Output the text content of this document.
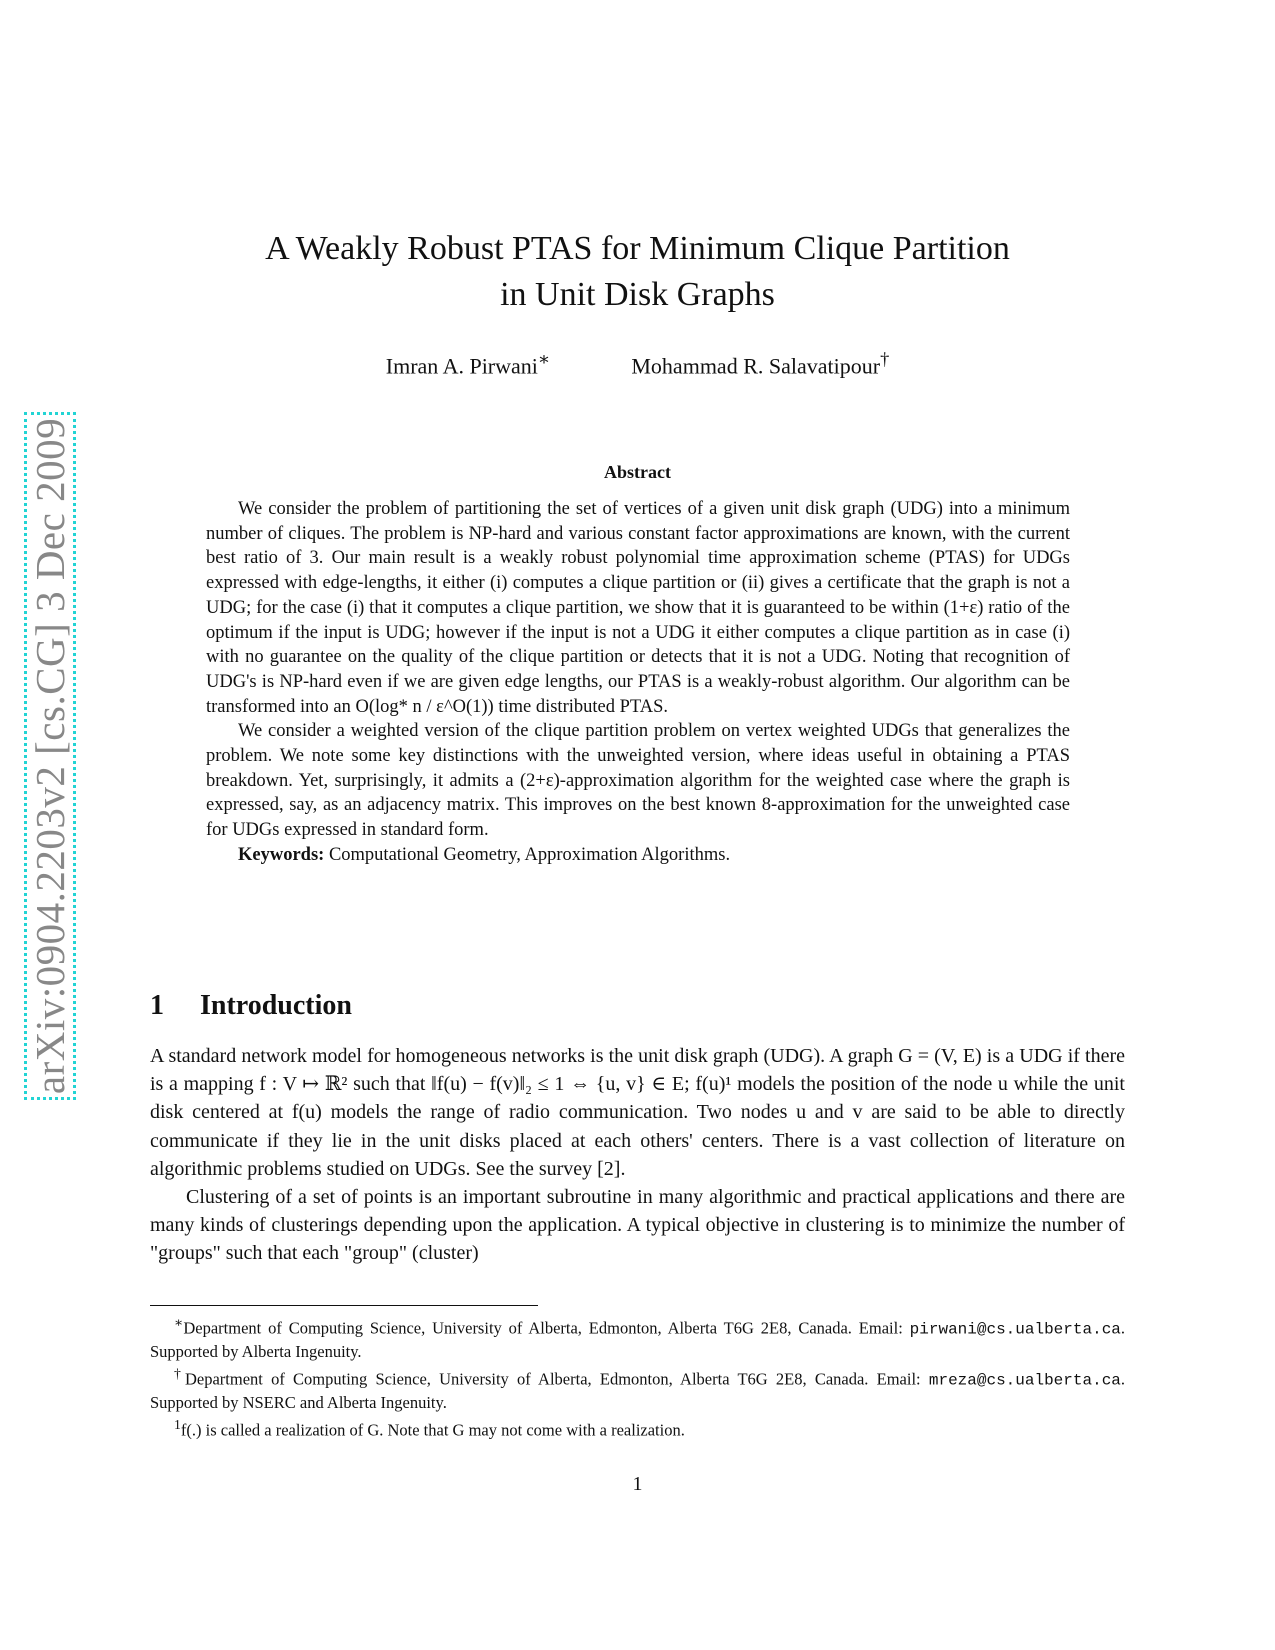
arXiv:0904.2203v2 [cs.CG] 3 Dec 2009
A Weakly Robust PTAS for Minimum Clique Partition
in Unit Disk Graphs
Imran A. Pirwani∗	Mohammad R. Salavatipour†
Abstract

We consider the problem of partitioning the set of vertices of a given unit disk graph (UDG) into a minimum number of cliques. The problem is NP-hard and various constant factor approximations are known, with the current best ratio of 3. Our main result is a weakly robust polynomial time approximation scheme (PTAS) for UDGs expressed with edge-lengths, it either (i) computes a clique partition or (ii) gives a certificate that the graph is not a UDG; for the case (i) that it computes a clique partition, we show that it is guaranteed to be within (1+ε) ratio of the optimum if the input is UDG; however if the input is not a UDG it either computes a clique partition as in case (i) with no guarantee on the quality of the clique partition or detects that it is not a UDG. Noting that recognition of UDG's is NP-hard even if we are given edge lengths, our PTAS is a weakly-robust algorithm. Our algorithm can be transformed into an O(log* n / ε^O(1)) time distributed PTAS.

We consider a weighted version of the clique partition problem on vertex weighted UDGs that generalizes the problem. We note some key distinctions with the unweighted version, where ideas useful in obtaining a PTAS breakdown. Yet, surprisingly, it admits a (2+ε)-approximation algorithm for the weighted case where the graph is expressed, say, as an adjacency matrix. This improves on the best known 8-approximation for the unweighted case for UDGs expressed in standard form.

Keywords: Computational Geometry, Approximation Algorithms.

1 Introduction

A standard network model for homogeneous networks is the unit disk graph (UDG). A graph G = (V, E) is a UDG if there is a mapping f : V ↦ ℝ² such that ‖f(u) − f(v)‖₂ ≤ 1 ⇔ {u, v} ∈ E; f(u)¹ models the position of the node u while the unit disk centered at f(u) models the range of radio communication. Two nodes u and v are said to be able to directly communicate if they lie in the unit disks placed at each others' centers. There is a vast collection of literature on algorithmic problems studied on UDGs. See the survey [2].

Clustering of a set of points is an important subroutine in many algorithmic and practical applications and there are many kinds of clusterings depending upon the application. A typical objective in clustering is to minimize the number of "groups" such that each "group" (cluster)

∗Department of Computing Science, University of Alberta, Edmonton, Alberta T6G 2E8, Canada. Email: pirwani@cs.ualberta.ca. Supported by Alberta Ingenuity.

†Department of Computing Science, University of Alberta, Edmonton, Alberta T6G 2E8, Canada. Email: mreza@cs.ualberta.ca. Supported by NSERC and Alberta Ingenuity.

$^1$f(.) is called a realization of G. Note that G may not come with a realization.

1
